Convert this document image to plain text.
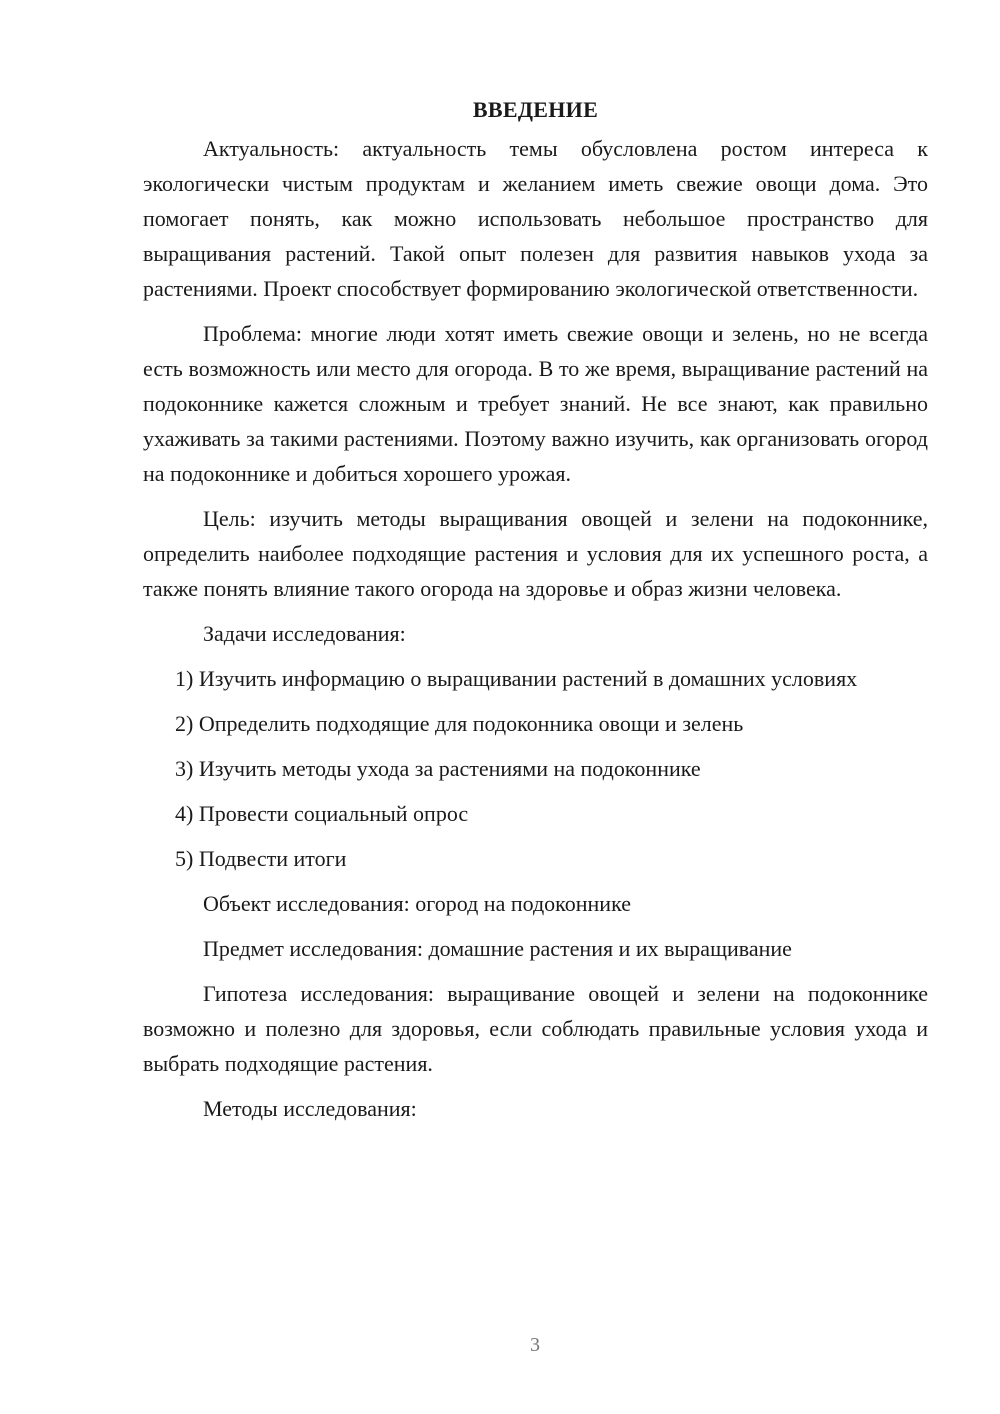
ВВЕДЕНИЕ

Актуальность: актуальность темы обусловлена ростом интереса к экологически чистым продуктам и желанием иметь свежие овощи дома. Это помогает понять, как можно использовать небольшое пространство для выращивания растений. Такой опыт полезен для развития навыков ухода за растениями. Проект способствует формированию экологической ответственности.

Проблема: многие люди хотят иметь свежие овощи и зелень, но не всегда есть возможность или место для огорода. В то же время, выращивание растений на подоконнике кажется сложным и требует знаний. Не все знают, как правильно ухаживать за такими растениями. Поэтому важно изучить, как организовать огород на подоконнике и добиться хорошего урожая.

Цель: изучить методы выращивания овощей и зелени на подоконнике, определить наиболее подходящие растения и условия для их успешного роста, а также понять влияние такого огорода на здоровье и образ жизни человека.

Задачи исследования:

1) Изучить информацию о выращивании растений в домашних условиях

2) Определить подходящие для подоконника овощи и зелень

3) Изучить методы ухода за растениями на подоконнике

4) Провести социальный опрос

5) Подвести итоги

Объект исследования: огород на подоконнике

Предмет исследования: домашние растения и их выращивание

Гипотеза исследования: выращивание овощей и зелени на подоконнике возможно и полезно для здоровья, если соблюдать правильные условия ухода и выбрать подходящие растения.

Методы исследования:

3
